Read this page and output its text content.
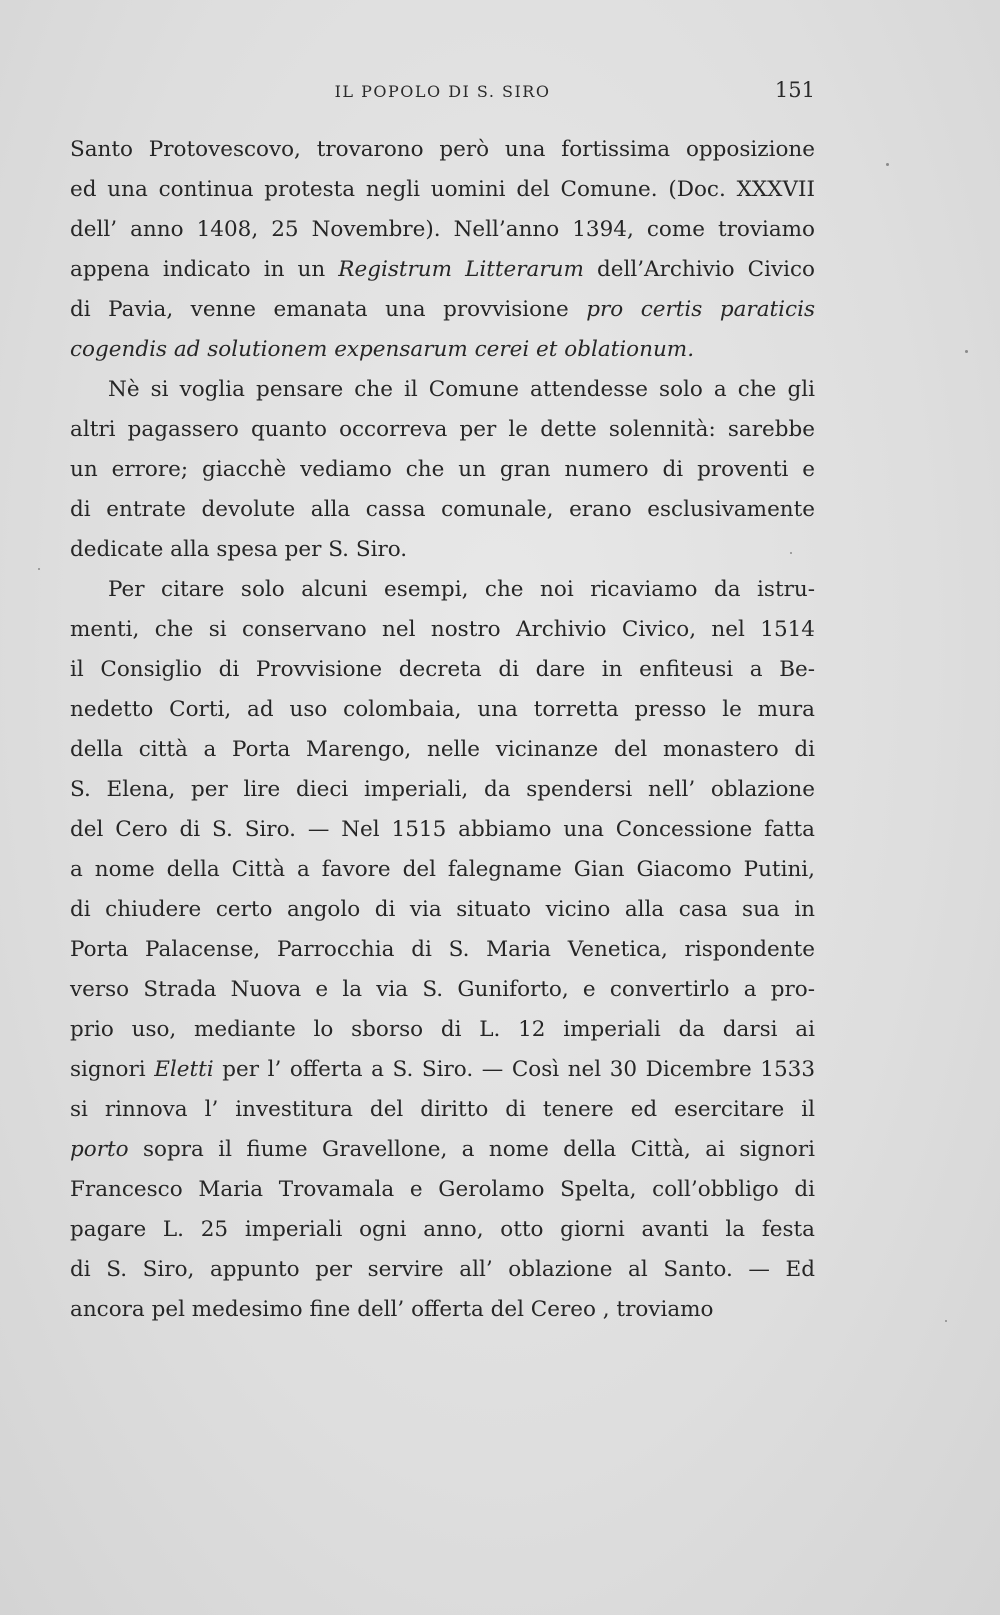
IL POPOLO DI S. SIRO	151
Santo Protovescovo, trovarono però una fortissima opposizione
ed una continua protesta negli uomini del Comune. (Doc. XXXVII
dell’ anno 1408, 25 Novembre). Nell’anno 1394, come troviamo
appena indicato in un Registrum Litterarum dell’Archivio Civico
di Pavia, venne emanata una provvisione pro certis paraticis
cogendis ad solutionem expensarum cerei et oblationum.
Nè si voglia pensare che il Comune attendesse solo a che gli
altri pagassero quanto occorreva per le dette solennità: sarebbe
un errore; giacchè vediamo che un gran numero di proventi e
di entrate devolute alla cassa comunale, erano esclusivamente
dedicate alla spesa per S. Siro.
Per citare solo alcuni esempi, che noi ricaviamo da istru-
menti, che si conservano nel nostro Archivio Civico, nel 1514
il Consiglio di Provvisione decreta di dare in enfiteusi a Be-
nedetto Corti, ad uso colombaia, una torretta presso le mura
della città a Porta Marengo, nelle vicinanze del monastero di
S. Elena, per lire dieci imperiali, da spendersi nell’ oblazione
del Cero di S. Siro. — Nel 1515 abbiamo una Concessione fatta
a nome della Città a favore del falegname Gian Giacomo Putini,
di chiudere certo angolo di via situato vicino alla casa sua in
Porta Palacense, Parrocchia di S. Maria Venetica, rispondente
verso Strada Nuova e la via S. Guniforto, e convertirlo a pro-
prio uso, mediante lo sborso di L. 12 imperiali da darsi ai
signori Eletti per l’ offerta a S. Siro. — Così nel 30 Dicembre 1533
si rinnova l’ investitura del diritto di tenere ed esercitare il
porto sopra il fiume Gravellone, a nome della Città, ai signori
Francesco Maria Trovamala e Gerolamo Spelta, coll’obbligo di
pagare L. 25 imperiali ogni anno, otto giorni avanti la festa
di S. Siro, appunto per servire all’ oblazione al Santo. — Ed
ancora pel medesimo fine dell’ offerta del Cereo , troviamo
